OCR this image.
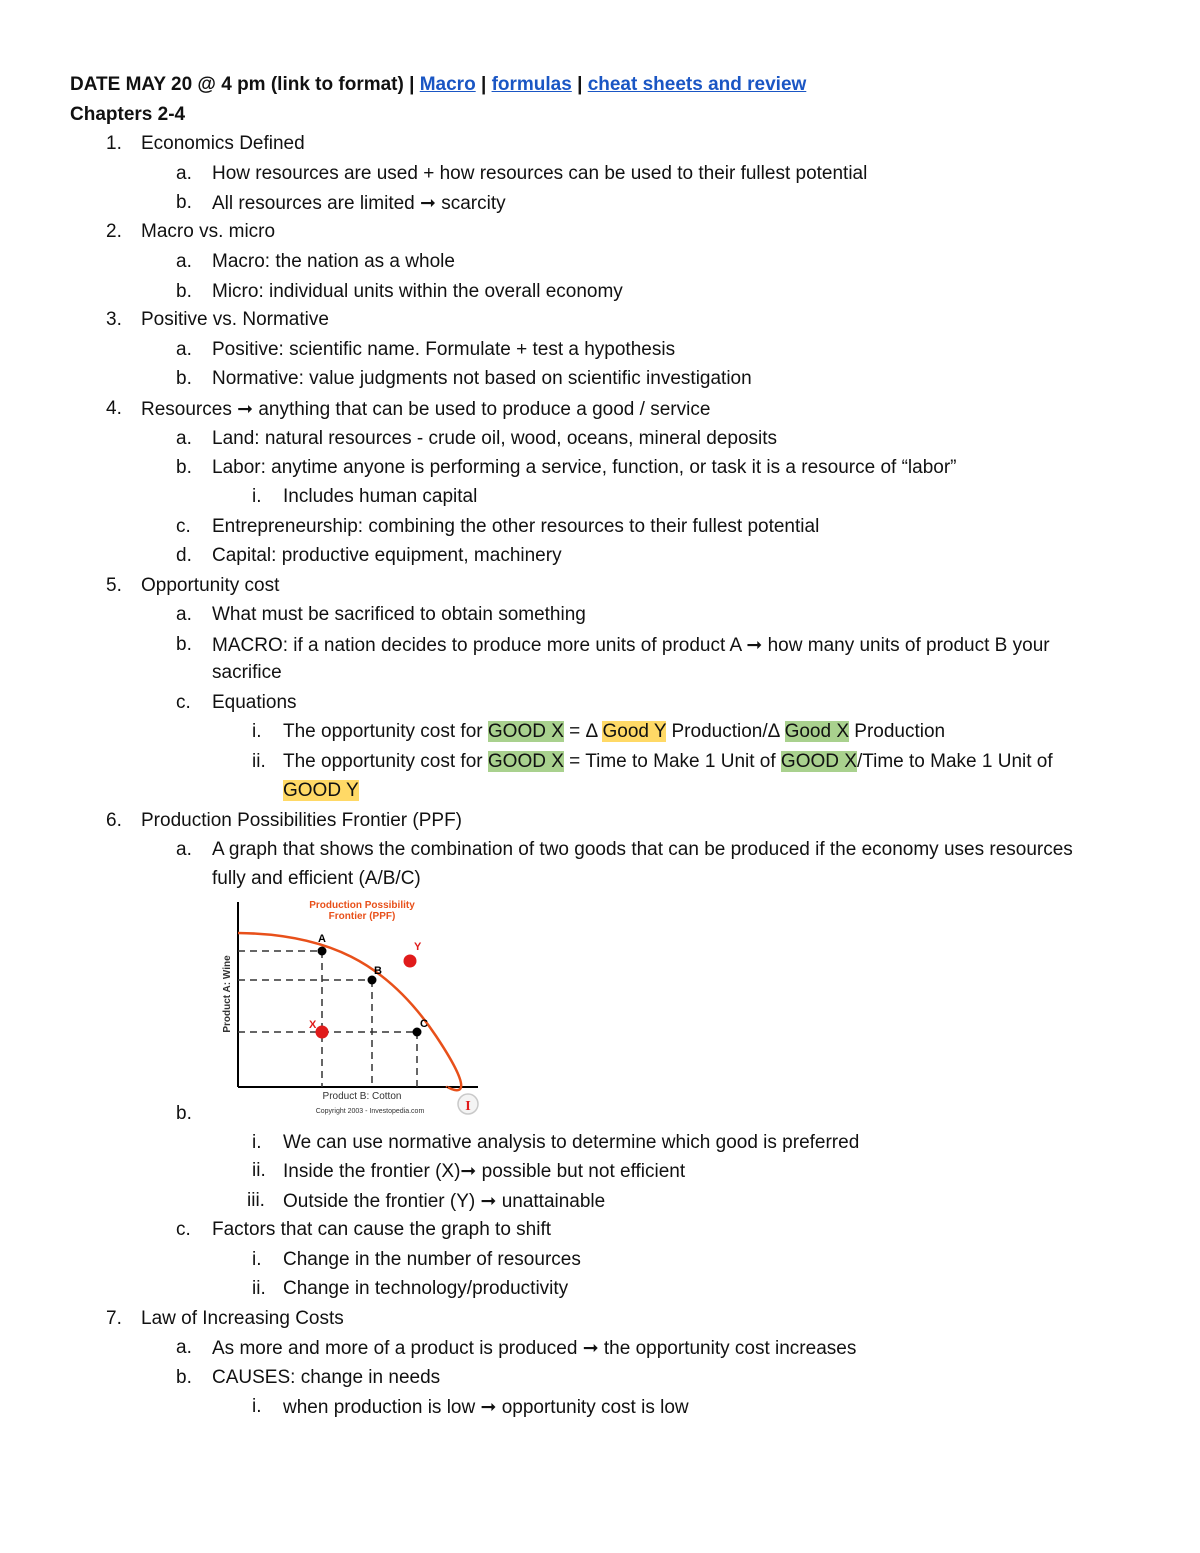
DATE MAY 20 @ 4 pm (link to format) | Macro | formulas | cheat sheets and review
Chapters 2-4
1. Economics Defined
a. How resources are used + how resources can be used to their fullest potential
b. All resources are limited ➞ scarcity
2. Macro vs. micro
a. Macro: the nation as a whole
b. Micro: individual units within the overall economy
3. Positive vs. Normative
a. Positive: scientific name. Formulate + test a hypothesis
b. Normative: value judgments not based on scientific investigation
4. Resources ➞ anything that can be used to produce a good / service
a. Land: natural resources - crude oil, wood, oceans, mineral deposits
b. Labor: anytime anyone is performing a service, function, or task it is a resource of “labor”
i. Includes human capital
c. Entrepreneurship: combining the other resources to their fullest potential
d. Capital: productive equipment, machinery
5. Opportunity cost
a. What must be sacrificed to obtain something
b. MACRO: if a nation decides to produce more units of product A ➞ how many units of product B your
sacrifice
c. Equations
i. The opportunity cost for GOOD X = Δ Good Y Production/Δ Good X Production
ii. The opportunity cost for GOOD X = Time to Make 1 Unit of GOOD X/Time to Make 1 Unit of
GOOD Y
6. Production Possibilities Frontier (PPF)
a. A graph that shows the combination of two goods that can be produced if the economy uses resources
fully and efficient (A/B/C)
A
B
C
X
Y
Production Possibility
Frontier (PPF)
Product A: Wine
Product B: Cotton
Copyright 2003 - Investopedia.com	I
b.
i. We can use normative analysis to determine which good is preferred
ii. Inside the frontier (X)➞ possible but not efficient
iii. Outside the frontier (Y) ➞ unattainable
c. Factors that can cause the graph to shift
i. Change in the number of resources
ii. Change in technology/productivity
7. Law of Increasing Costs
a. As more and more of a product is produced ➞ the opportunity cost increases
b. CAUSES: change in needs
i. when production is low ➞ opportunity cost is low
